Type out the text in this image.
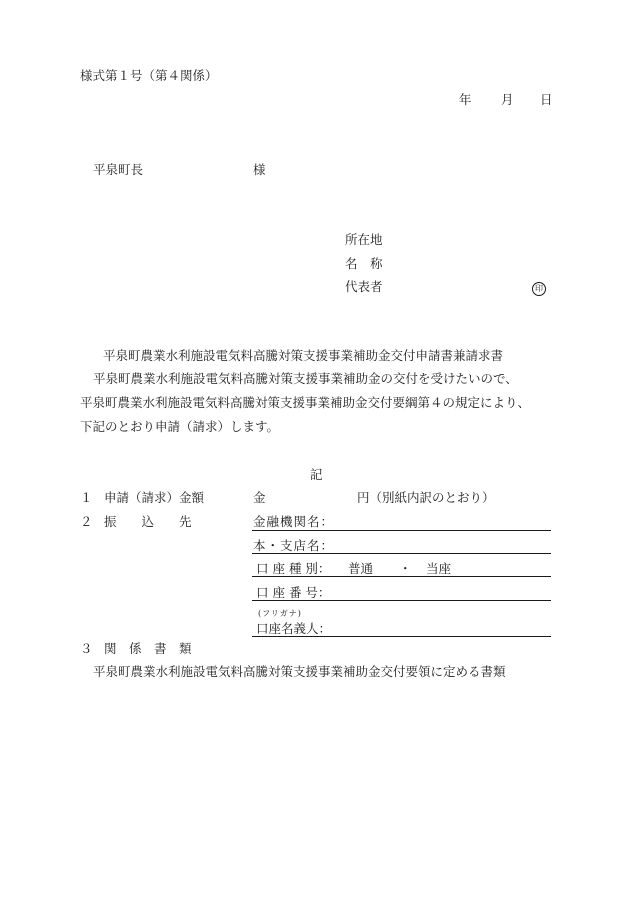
様式第１号（第４関係）
年 月 日
平泉町長	様
所在地
名　称
代表者	印
平泉町農業水利施設電気料高騰対策支援事業補助金交付申請書兼請求書
平泉町農業水利施設電気料高騰対策支援事業補助金の交付を受けたいので、
平泉町農業水利施設電気料高騰対策支援事業補助金交付要綱第４の規定により、
下記のとおり申請（請求）します。
記
１ 申請（請求）金額	金	円（別紙内訳のとおり）
２ 振　　込　　先	金融機関名：
本・支店名：
口 座 種 別： 普通 ・ 当座
口 座 番 号：
(フリガナ)
口座名義人：
３ 関　係　書　類
平泉町農業水利施設電気料高騰対策支援事業補助金交付要領に定める書類
